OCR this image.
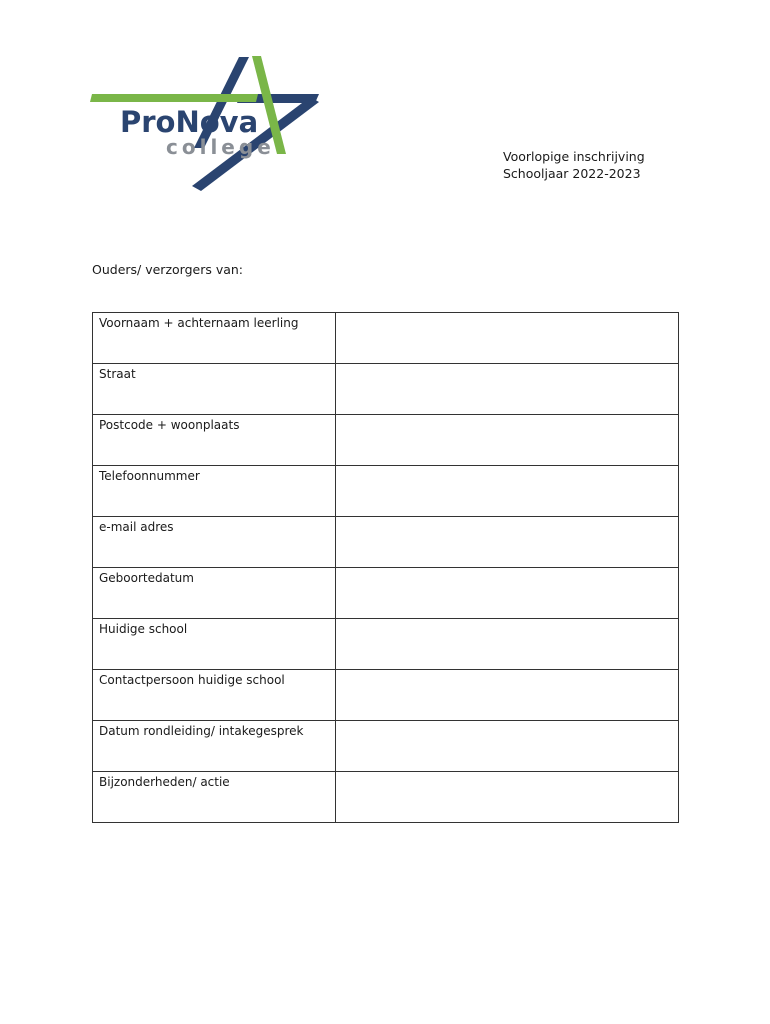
ProNova
college	Voorlopige inschrijving
Schooljaar 2022-2023
Ouders/ verzorgers van:
Voornaam + achternaam leerling	
Straat	
Postcode + woonplaats	
Telefoonnummer	
e-mail adres	
Geboortedatum	
Huidige school	
Contactpersoon huidige school	
Datum rondleiding/ intakegesprek	
Bijzonderheden/ actie	
